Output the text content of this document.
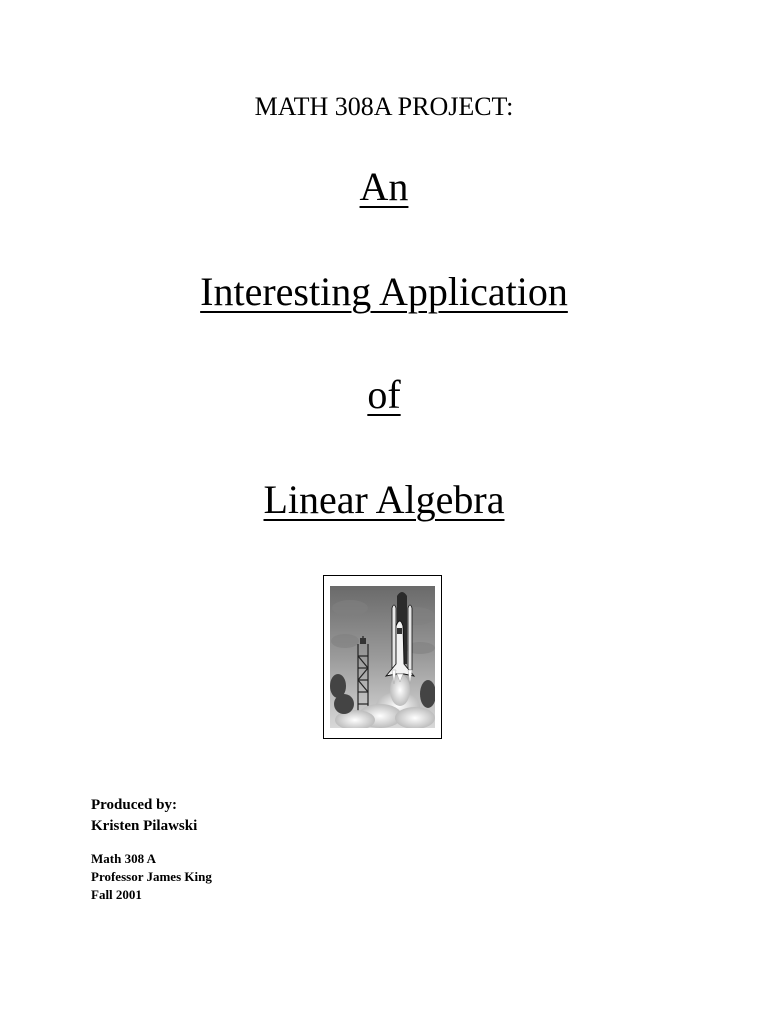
MATH 308A PROJECT:
An
Interesting Application
of
Linear Algebra
Produced by:
Kristen Pilawski
Math 308 A
Professor James King
Fall 2001
